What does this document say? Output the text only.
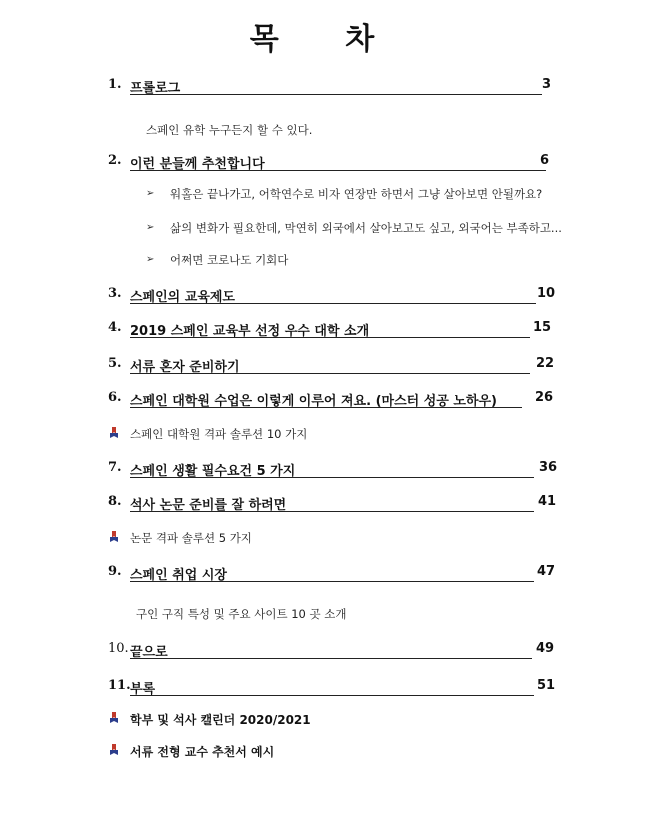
목 차
1. 프롤로그	3
스페인 유학 누구든지 할 수 있다.
2. 이런 분들께 추천합니다	6
➢ 워홀은 끝나가고, 어학연수로 비자 연장만 하면서 그냥 살아보면 안될까요?
➢ 삶의 변화가 필요한데, 막연히 외국에서 살아보고도 싶고, 외국어는 부족하고...
➢ 어쩌면 코로나도 기회다
3. 스페인의 교육제도	10
4. 2019 스페인 교육부 선정 우수 대학 소개	15
5. 서류 혼자 준비하기	22
6. 스페인 대학원 수업은 이렇게 이루어 져요. (마스터 성공 노하우)	26
스페인 대학원 격파 솔루션 10 가지
7. 스페인 생활 필수요건 5 가지	36
8. 석사 논문 준비를 잘 하려면	41
논문 격파 솔루션 5 가지
9. 스페인 취업 시장	47
구인 구직 특성 및 주요 사이트 10 곳 소개
10. 끝으로	49
11. 부록	51
학부 및 석사 캘린더 2020/2021
서류 전형 교수 추천서 예시
